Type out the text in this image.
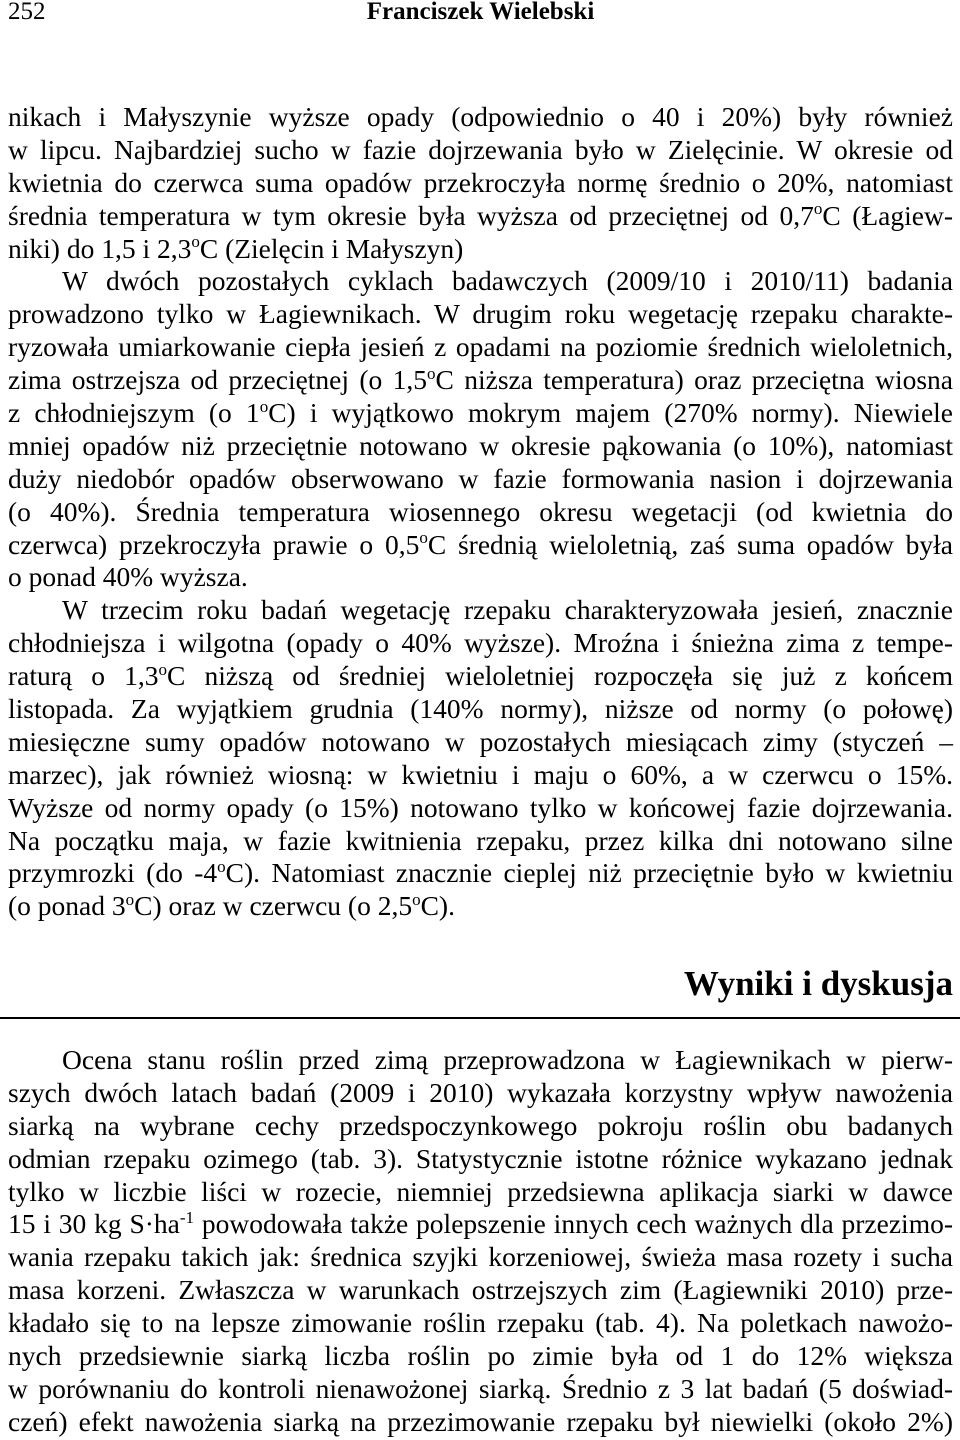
252	Franciszek Wielebski
nikach i Małyszynie wyższe opady (odpowiednio o 40 i 20%) były również
w lipcu. Najbardziej sucho w fazie dojrzewania było w Zielęcinie. W okresie od
kwietnia do czerwca suma opadów przekroczyła normę średnio o 20%, natomiast
średnia temperatura w tym okresie była wyższa od przeciętnej od 0,7$^o$C (Łagiew-
niki) do 1,5 i 2,3$^o$C (Zielęcin i Małyszyn)
W dwóch pozostałych cyklach badawczych (2009/10 i 2010/11) badania
prowadzono tylko w Łagiewnikach. W drugim roku wegetację rzepaku charakte-
ryzowała umiarkowanie ciepła jesień z opadami na poziomie średnich wieloletnich,
zima ostrzejsza od przeciętnej (o 1,5$^o$C niższa temperatura) oraz przeciętna wiosna
z chłodniejszym (o 1$^o$C) i wyjątkowo mokrym majem (270% normy). Niewiele
mniej opadów niż przeciętnie notowano w okresie pąkowania (o 10%), natomiast
duży niedobór opadów obserwowano w fazie formowania nasion i dojrzewania
(o 40%). Średnia temperatura wiosennego okresu wegetacji (od kwietnia do
czerwca) przekroczyła prawie o 0,5$^o$C średnią wieloletnią, zaś suma opadów była
o ponad 40% wyższa.
W trzecim roku badań wegetację rzepaku charakteryzowała jesień, znacznie
chłodniejsza i wilgotna (opady o 40% wyższe). Mroźna i śnieżna zima z tempe-
raturą o 1,3$^o$C niższą od średniej wieloletniej rozpoczęła się już z końcem
listopada. Za wyjątkiem grudnia (140% normy), niższe od normy (o połowę)
miesięczne sumy opadów notowano w pozostałych miesiącach zimy (styczeń –
marzec), jak również wiosną: w kwietniu i maju o 60%, a w czerwcu o 15%.
Wyższe od normy opady (o 15%) notowano tylko w końcowej fazie dojrzewania.
Na początku maja, w fazie kwitnienia rzepaku, przez kilka dni notowano silne
przymrozki (do -4$^o$C). Natomiast znacznie cieplej niż przeciętnie było w kwietniu
(o ponad 3$^o$C) oraz w czerwcu (o 2,5$^o$C).
Wyniki i dyskusja
Ocena stanu roślin przed zimą przeprowadzona w Łagiewnikach w pierw-
szych dwóch latach badań (2009 i 2010) wykazała korzystny wpływ nawożenia
siarką na wybrane cechy przedspoczynkowego pokroju roślin obu badanych
odmian rzepaku ozimego (tab. 3). Statystycznie istotne różnice wykazano jednak
tylko w liczbie liści w rozecie, niemniej przedsiewna aplikacja siarki w dawce
15 i 30 kg $S\cdot ha^{-1}$ powodowała także polepszenie innych cech ważnych dla przezimo-
wania rzepaku takich jak: średnica szyjki korzeniowej, świeża masa rozety i sucha
masa korzeni. Zwłaszcza w warunkach ostrzejszych zim (Łagiewniki 2010) prze-
kładało się to na lepsze zimowanie roślin rzepaku (tab. 4). Na poletkach nawożo-
nych przedsiewnie siarką liczba roślin po zimie była od 1 do 12% większa
w porównaniu do kontroli nienawożonej siarką. Średnio z 3 lat badań (5 doświad-
czeń) efekt nawożenia siarką na przezimowanie rzepaku był niewielki (około 2%)
